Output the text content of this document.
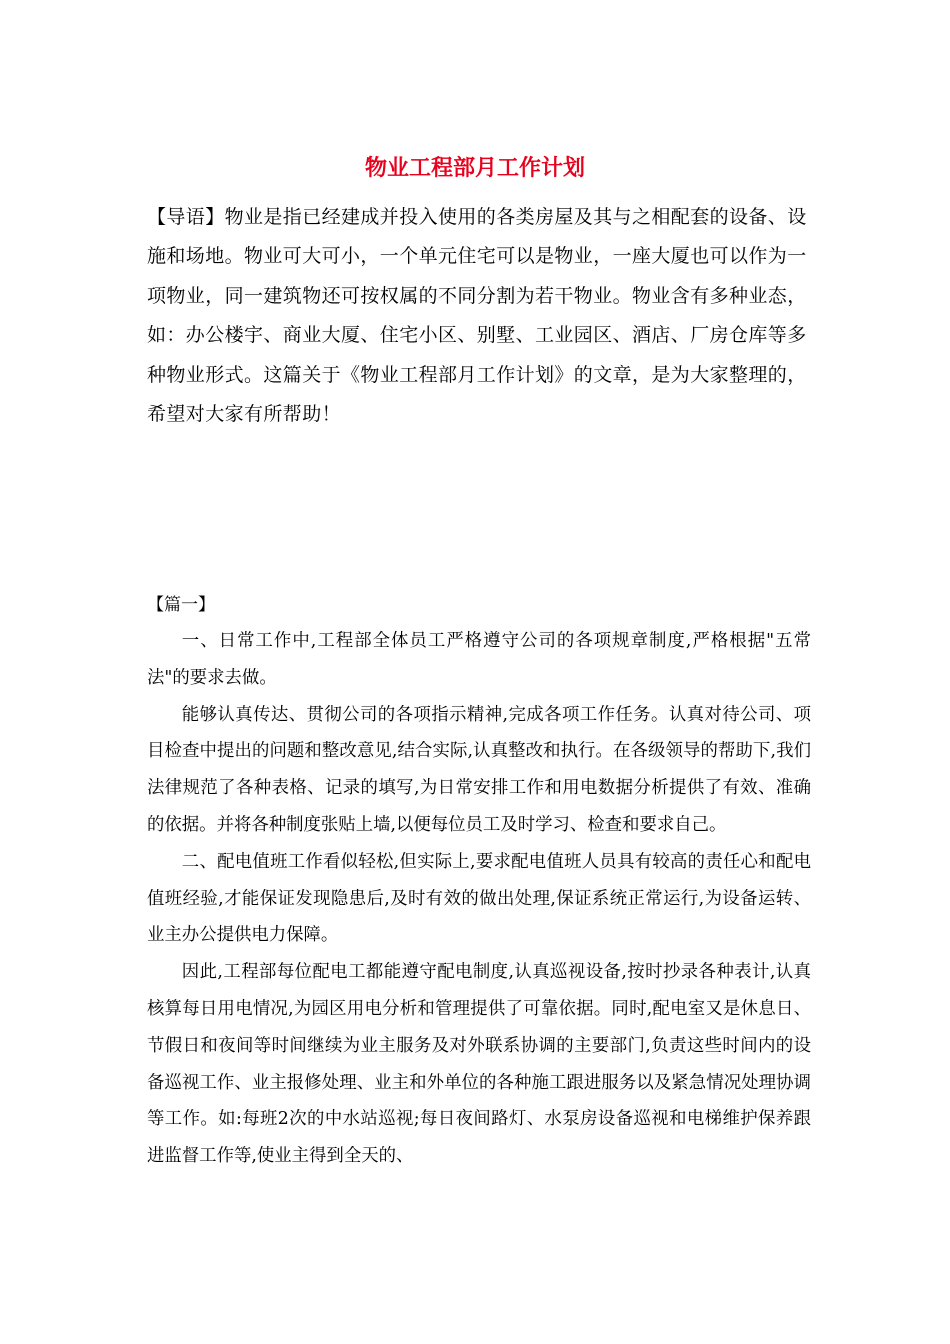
物业工程部月工作计划

【导语】物业是指已经建成并投入使用的各类房屋及其与之相配套的设备、设施和场地。物业可大可小，一个单元住宅可以是物业，一座大厦也可以作为一项物业，同一建筑物还可按权属的不同分割为若干物业。物业含有多种业态，如：办公楼宇、商业大厦、住宅小区、别墅、工业园区、酒店、厂房仓库等多种物业形式。这篇关于《物业工程部月工作计划》的文章，是为大家整理的，希望对大家有所帮助！

【篇一】

一、日常工作中,工程部全体员工严格遵守公司的各项规章制度,严格根据"五常法"的要求去做。

能够认真传达、贯彻公司的各项指示精神,完成各项工作任务。认真对待公司、项目检查中提出的问题和整改意见,结合实际,认真整改和执行。在各级领导的帮助下,我们法律规范了各种表格、记录的填写,为日常安排工作和用电数据分析提供了有效、准确的依据。并将各种制度张贴上墙,以便每位员工及时学习、检查和要求自己。

二、配电值班工作看似轻松,但实际上,要求配电值班人员具有较高的责任心和配电值班经验,才能保证发现隐患后,及时有效的做出处理,保证系统正常运行,为设备运转、业主办公提供电力保障。

因此,工程部每位配电工都能遵守配电制度,认真巡视设备,按时抄录各种表计,认真核算每日用电情况,为园区用电分析和管理提供了可靠依据。同时,配电室又是休息日、节假日和夜间等时间继续为业主服务及对外联系协调的主要部门,负责这些时间内的设备巡视工作、业主报修处理、业主和外单位的各种施工跟进服务以及紧急情况处理协调等工作。如:每班2次的中水站巡视;每日夜间路灯、水泵房设备巡视和电梯维护保养跟进监督工作等,使业主得到全天的、
